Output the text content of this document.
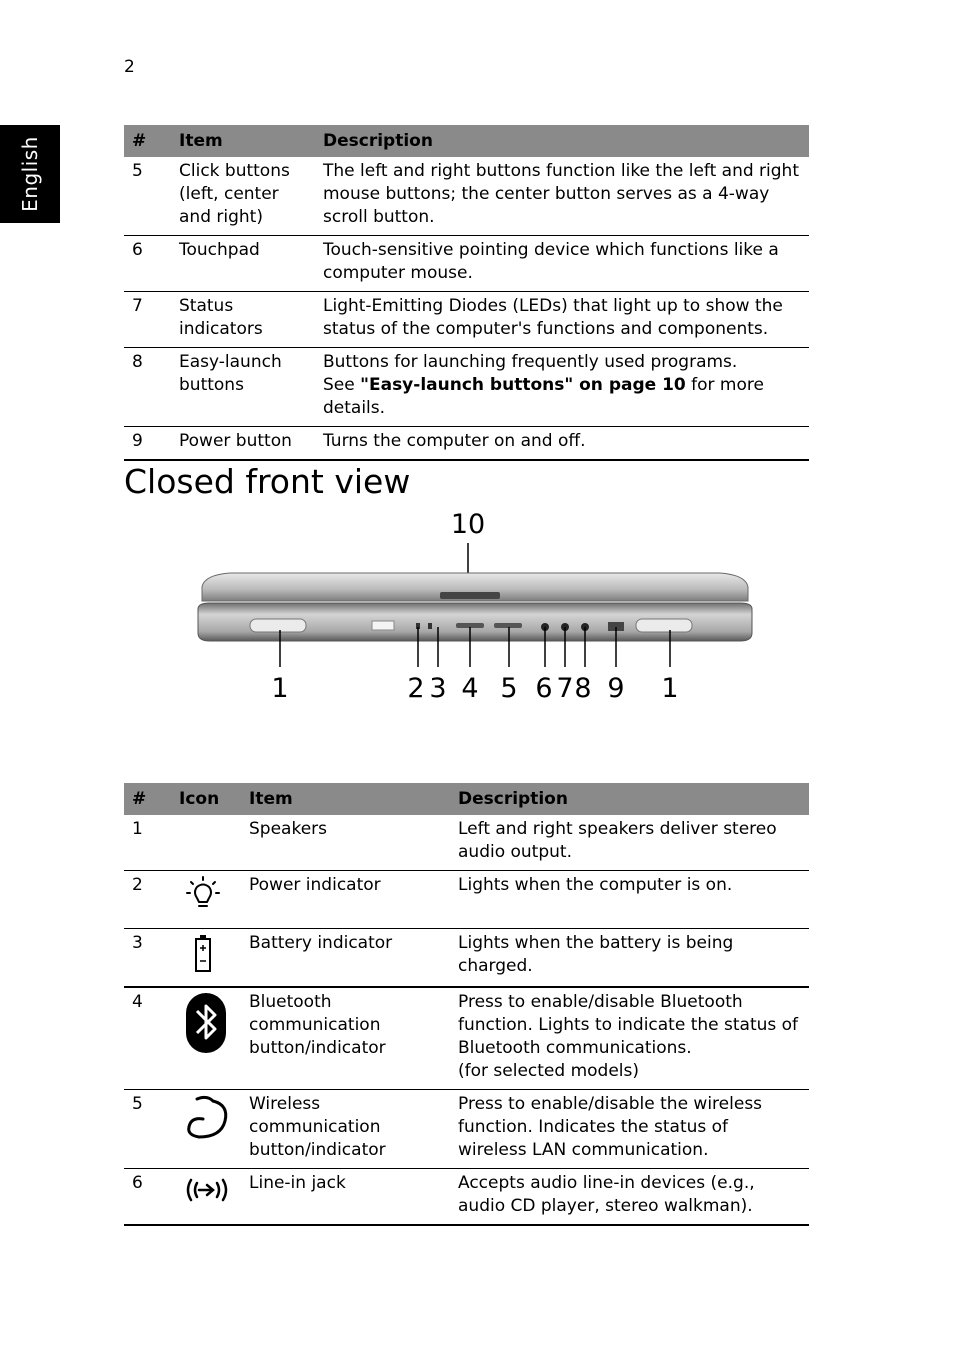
2
English	#	Item	Description
5	Click buttons (left, center and right)	The left and right buttons function like the left and right mouse buttons; the center button serves as a 4-way scroll button.
6	Touchpad	Touch-sensitive pointing device which functions like a computer mouse.
7	Status indicators	Light-Emitting Diodes (LEDs) that light up to show the status of the computer's functions and components.
8	Easy-launch buttons	Buttons for launching frequently used programs.
See "Easy-launch buttons" on page 10 for more details.
9	Power button	Turns the computer on and off.
Closed front view
10
1	2 3 4 5 6 7 8 9 1
#	Icon	Item	Description
1		Speakers	Left and right speakers deliver stereo audio output.
2		Power indicator	Lights when the computer is on.
3		Battery indicator	Lights when the battery is being charged.
4		Bluetooth communication button/indicator	Press to enable/disable Bluetooth function. Lights to indicate the status of Bluetooth communications.
(for selected models)
5		Wireless communication button/indicator	Press to enable/disable the wireless function. Indicates the status of wireless LAN communication.
6		Line-in jack	Accepts audio line-in devices (e.g., audio CD player, stereo walkman).
